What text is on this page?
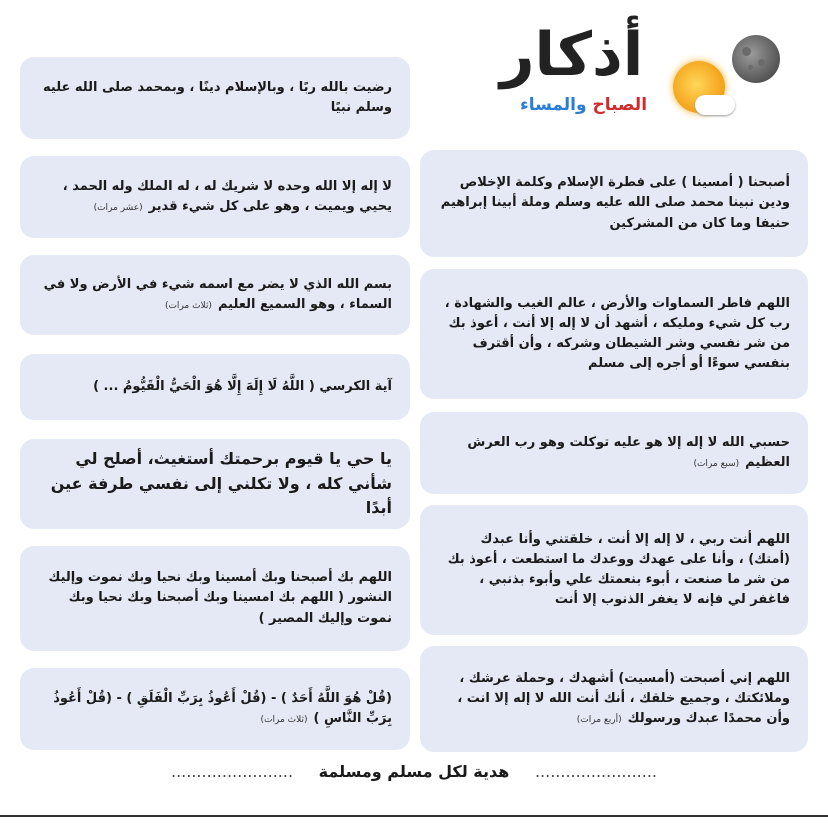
أذكار
الصباح والمساء
رضيت بالله ربًا ، وبالإسلام دينًا ، وبمحمد صلى الله عليه وسلم نبيًا
لا إله إلا الله وحده لا شريك له ، له الملك وله الحمد ، يحيي ويميت ، وهو على كل شيء قدير(عشر مرات)
بسم الله الذي لا يضر مع اسمه شيء في الأرض ولا في السماء ، وهو السميع العليم(ثلاث مرات)
آية الكرسي ( اللَّهُ لَا إِلَهَ إِلَّا هُوَ الْحَيُّ الْقَيُّومُ ... )
يا حي يا قيوم برحمتك أستغيث، أصلح لي شأني كله ، ولا تكلني إلى نفسي طرفة عين أبدًا
اللهم بك أصبحنا وبك أمسينا وبك نحيا وبك نموت وإليك النشور ( اللهم بك امسينا وبك أصبحنا وبك نحيا وبك نموت وإليك المصير )
(قُلْ هُوَ اللَّهُ أَحَدٌ ) - (قُلْ أَعُوذُ بِرَبِّ الْفَلَقِ ) - (قُلْ أَعُوذُ بِرَبِّ النَّاسِ )(ثلاث مرات)
أصبحنا ( أمسينا ) على فطرة الإسلام وكلمة الإخلاص ودين نبينا محمد صلى الله عليه وسلم وملة أبينا إبراهيم حنيفا وما كان من المشركين
اللهم فاطر السماوات والأرض ، عالم الغيب والشهادة ، رب كل شيء ومليكه ، أشهد أن لا إله إلا أنت ، أعوذ بك من شر نفسي وشر الشيطان وشركه ، وأن أقترف بنفسي سوءًا أو أجره إلى مسلم
حسبي الله لا إله إلا هو عليه توكلت وهو رب العرش العظيم(سبع مرات)
اللهم أنت ربي ، لا إله إلا أنت ، خلقتني وأنا عبدك (أمتك) ، وأنا على عهدك ووعدك ما استطعت ، أعوذ بك من شر ما صنعت ، أبوء بنعمتك علي وأبوء بذنبي ، فاغفر لي فإنه لا يغفر الذنوب إلا أنت
اللهم إني أصبحت (أمسيت) أشهدك ، وحملة عرشك ، وملائكتك ، وجميع خلقك ، أنك أنت الله لا إله إلا انت ، وأن محمدًا عبدك ورسولك(أربع مرات)
........................ هدية لكل مسلم ومسلمة ........................
